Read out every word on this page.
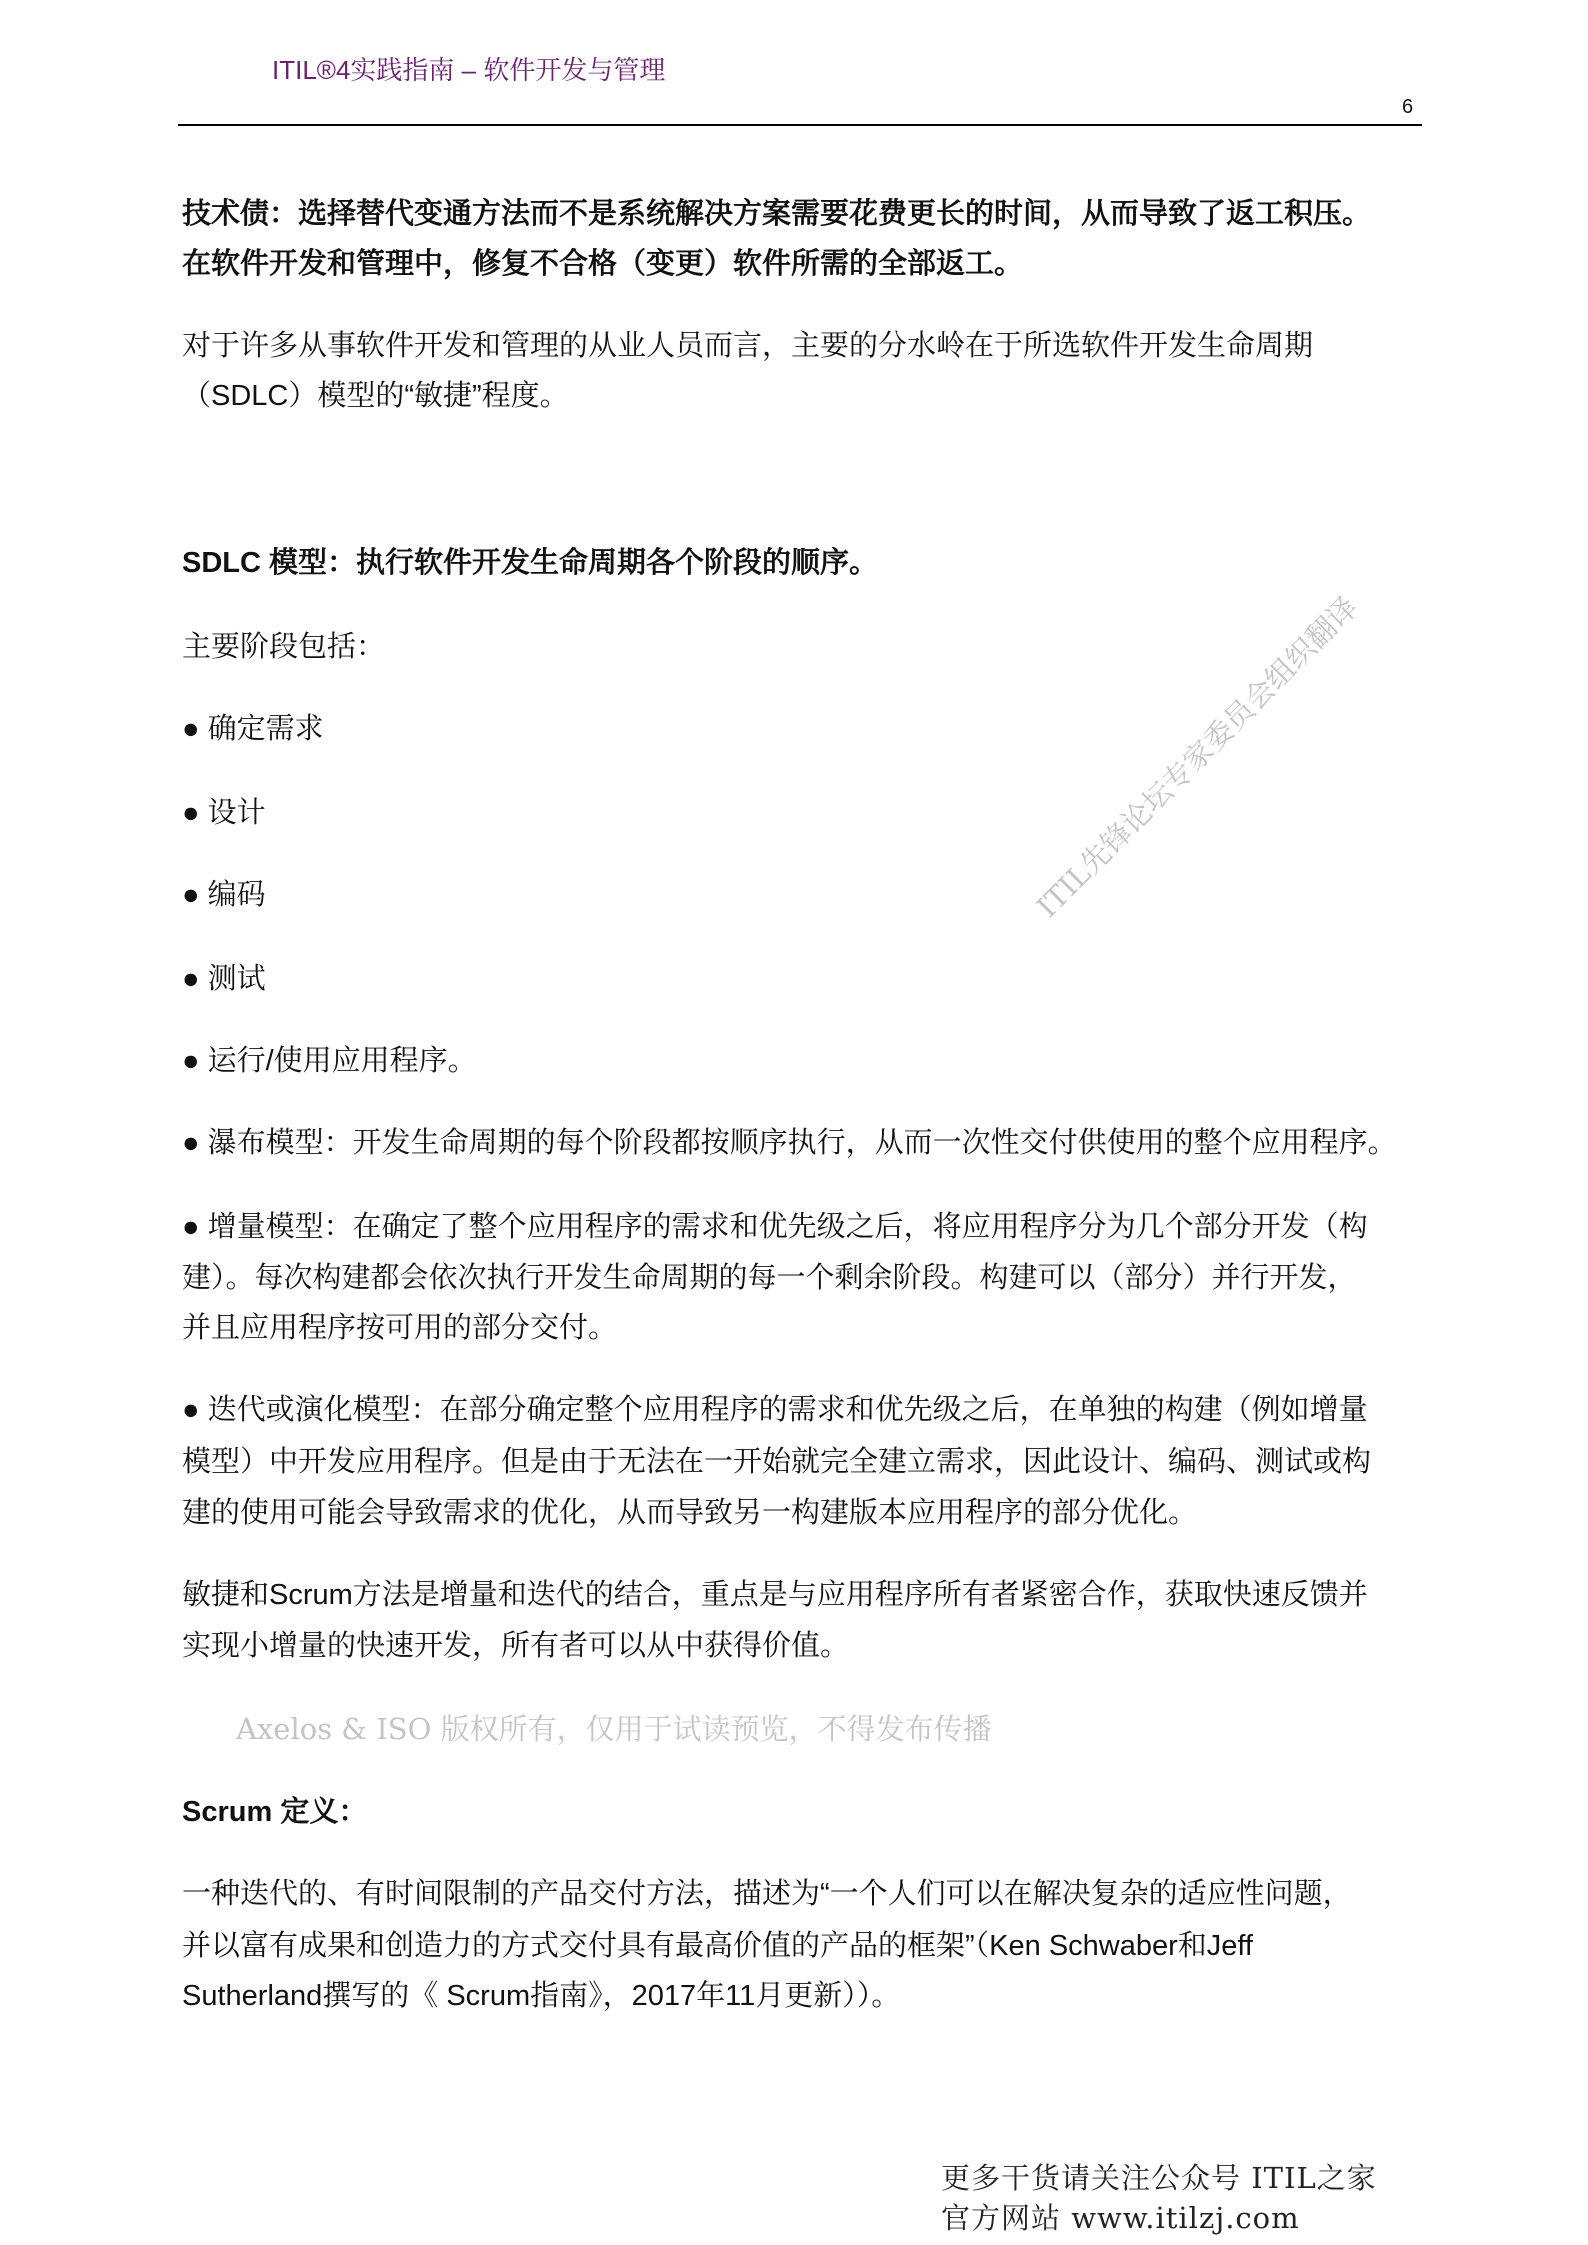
ITIL®4实践指南 – 软件开发与管理
6
ITIL先锋论坛专家委员会组织翻译
Axelos & ISO 版权所有，仅用于试读预览，不得发布传播
技术债：选择替代变通方法而不是系统解决方案需要花费更长的时间，从而导致了返工积压。
在软件开发和管理中，修复不合格（变更）软件所需的全部返工。
对于许多从事软件开发和管理的从业人员而言，主要的分水岭在于所选软件开发生命周期
（SDLC）模型的“敏捷”程度。
SDLC 模型：执行软件开发生命周期各个阶段的顺序。
主要阶段包括：
● 确定需求
● 设计
● 编码
● 测试
● 运行/使用应用程序。
● 瀑布模型：开发生命周期的每个阶段都按顺序执行，从而一次性交付供使用的整个应用程序。
● 增量模型：在确定了整个应用程序的需求和优先级之后，将应用程序分为几个部分开发（构
建）。每次构建都会依次执行开发生命周期的每一个剩余阶段。构建可以（部分）并行开发，
并且应用程序按可用的部分交付。
● 迭代或演化模型：在部分确定整个应用程序的需求和优先级之后，在单独的构建（例如增量
模型）中开发应用程序。但是由于无法在一开始就完全建立需求，因此设计、编码、测试或构
建的使用可能会导致需求的优化，从而导致另一构建版本应用程序的部分优化。
敏捷和Scrum方法是增量和迭代的结合，重点是与应用程序所有者紧密合作，获取快速反馈并
实现小增量的快速开发，所有者可以从中获得价值。
Scrum 定义：
一种迭代的、有时间限制的产品交付方法，描述为“一个人们可以在解决复杂的适应性问题，
并以富有成果和创造力的方式交付具有最高价值的产品的框架”（Ken Schwaber和Jeff
Sutherland撰写的《 Scrum指南》，2017年11月更新））。
更多干货请关注公众号 ITIL之家
官方网站 www.itilzj.com
